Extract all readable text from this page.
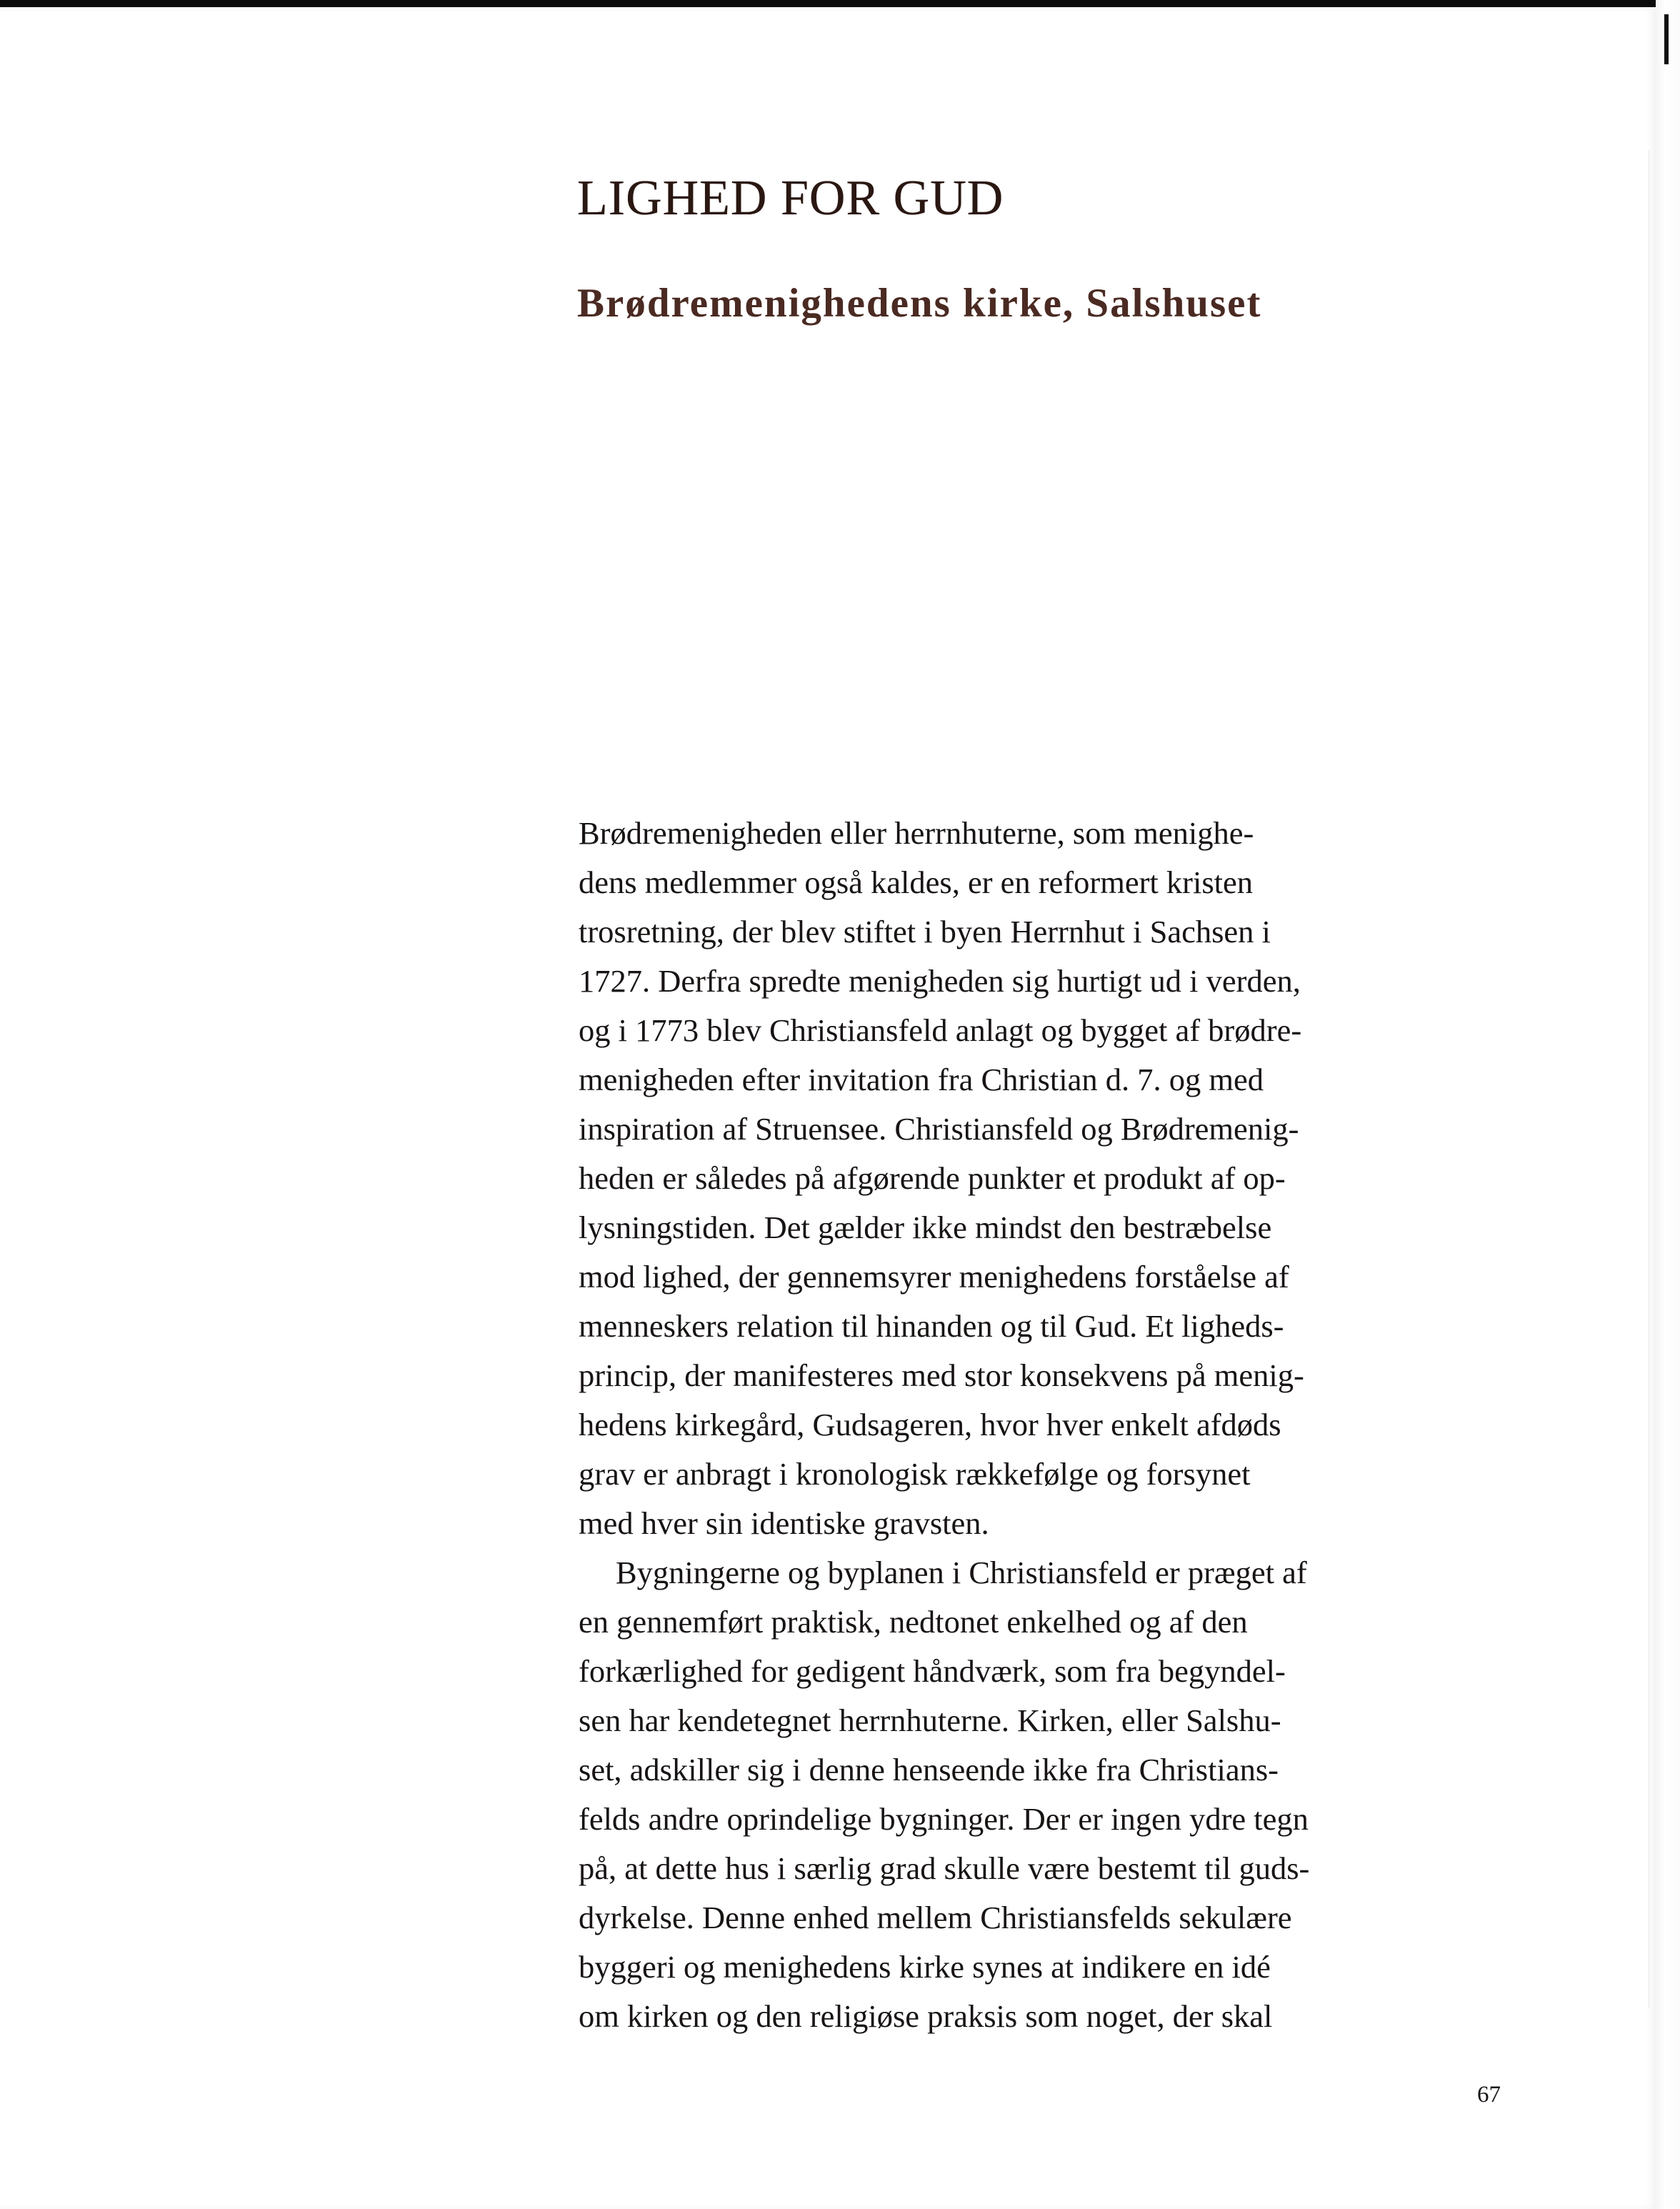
LIGHED FOR GUD
Brødremenighedens kirke, Salshuset
Brødremenigheden eller herrnhuterne, som menighe-
dens medlemmer også kaldes, er en reformert kristen
trosretning, der blev stiftet i byen Herrnhut i Sachsen i
1727. Derfra spredte menigheden sig hurtigt ud i verden,
og i 1773 blev Christiansfeld anlagt og bygget af brødre-
menigheden efter invitation fra Christian d. 7. og med
inspiration af Struensee. Christiansfeld og Brødremenig-
heden er således på afgørende punkter et produkt af op-
lysningstiden. Det gælder ikke mindst den bestræbelse
mod lighed, der gennemsyrer menighedens forståelse af
menneskers relation til hinanden og til Gud. Et ligheds-
princip, der manifesteres med stor konsekvens på menig-
hedens kirkegård, Gudsageren, hvor hver enkelt afdøds
grav er anbragt i kronologisk rækkefølge og forsynet
med hver sin identiske gravsten.
Bygningerne og byplanen i Christiansfeld er præget af
en gennemført praktisk, nedtonet enkelhed og af den
forkærlighed for gedigent håndværk, som fra begyndel-
sen har kendetegnet herrnhuterne. Kirken, eller Salshu-
set, adskiller sig i denne henseende ikke fra Christians-
felds andre oprindelige bygninger. Der er ingen ydre tegn
på, at dette hus i særlig grad skulle være bestemt til guds-
dyrkelse. Denne enhed mellem Christiansfelds sekulære
byggeri og menighedens kirke synes at indikere en idé
om kirken og den religiøse praksis som noget, der skal
67
